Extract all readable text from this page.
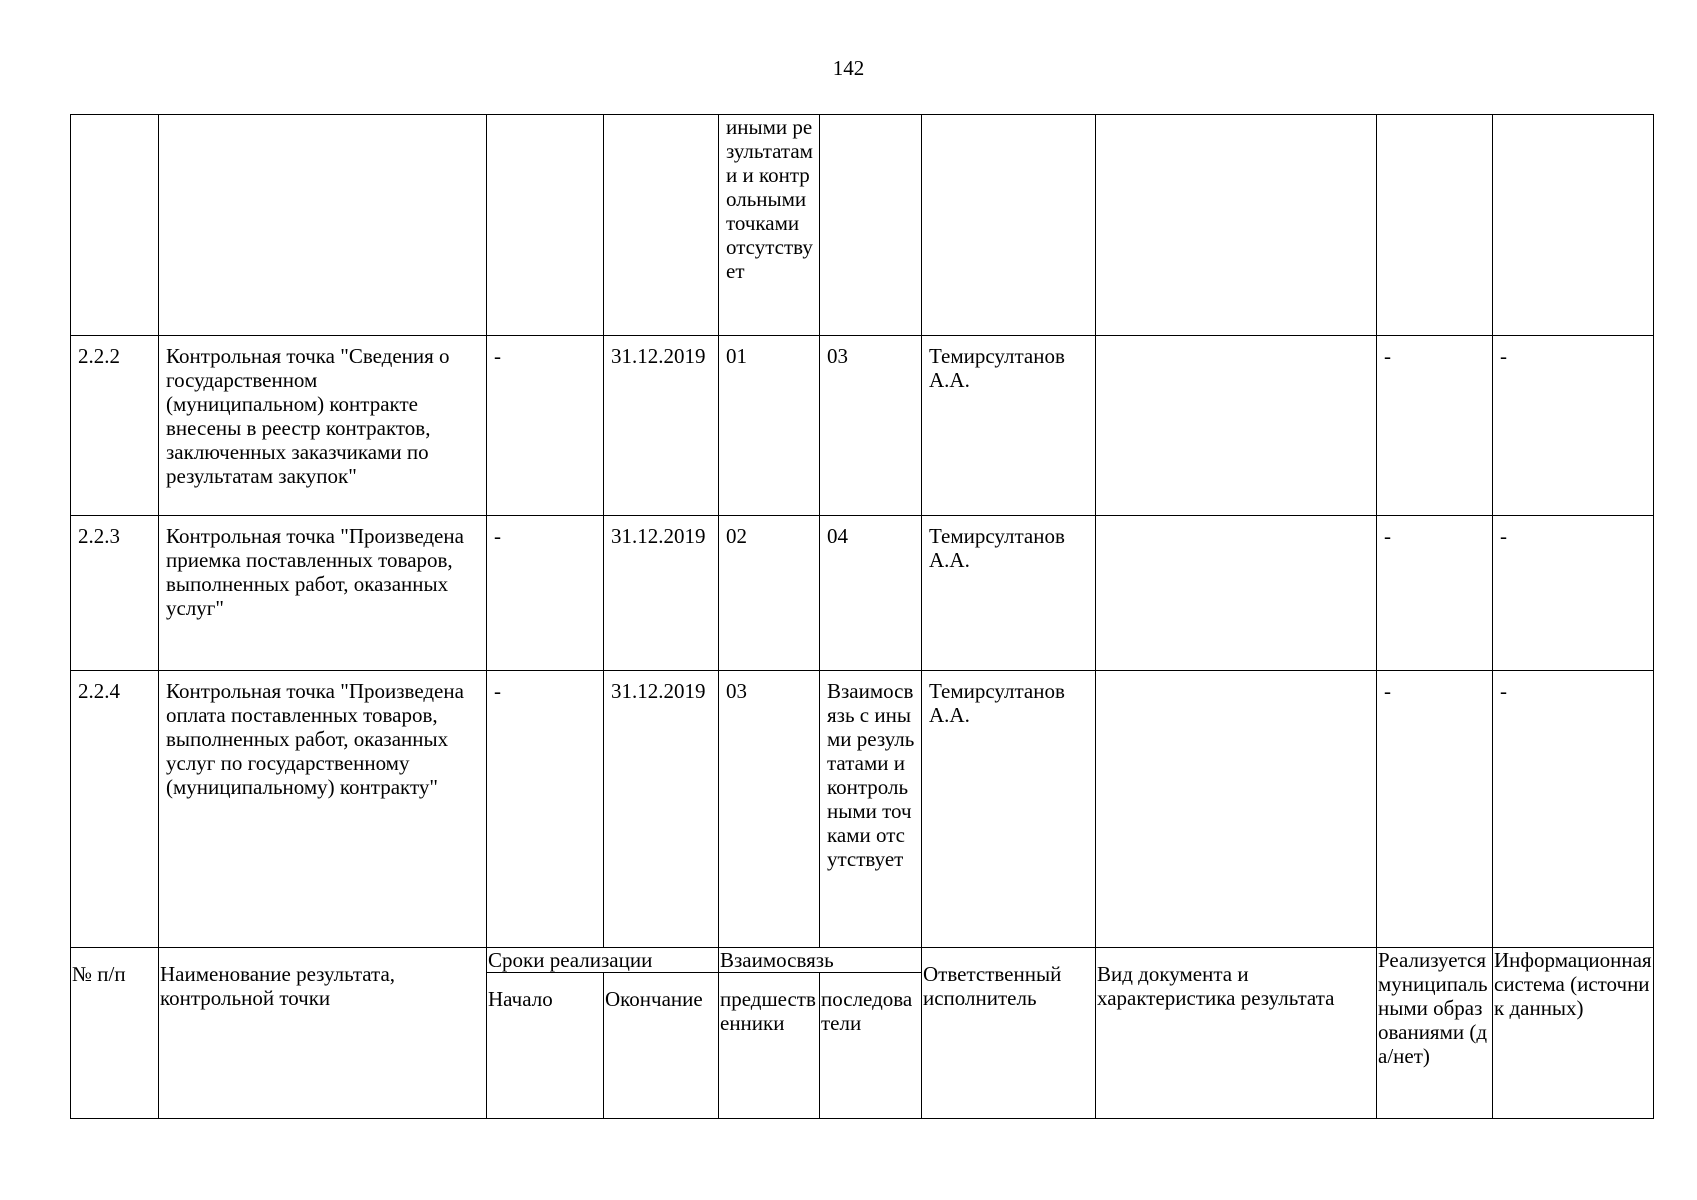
142
				иными результатами и контрольными точками отсутствует					
2.2.2	Контрольная точка "Сведения о государственном (муниципальном) контракте внесены в реестр контрактов, заключенных заказчиками по результатам закупок"	-	31.12.2019	01	03	Темирсултанов А.А.		-	-
2.2.3	Контрольная точка "Произведена приемка поставленных товаров, выполненных работ, оказанных услуг"	-	31.12.2019	02	04	Темирсултанов А.А.		-	-
2.2.4	Контрольная точка "Произведена оплата поставленных товаров, выполненных работ, оказанных услуг по государственному (муниципальному) контракту"	-	31.12.2019	03	Взаимосвязь с иными результатами и контрольными точками отсутствует	Темирсултанов А.А.		-	-
№ п/п	Наименование результата, контрольной точки	Сроки реализации		Взаимосвязь		Ответственный исполнитель	Вид документа и характеристика результата	Реализуется муниципальными образованиями (да/нет)	Информационная система (источник данных)
		Начало	Окончание	предшественники	последователи				
